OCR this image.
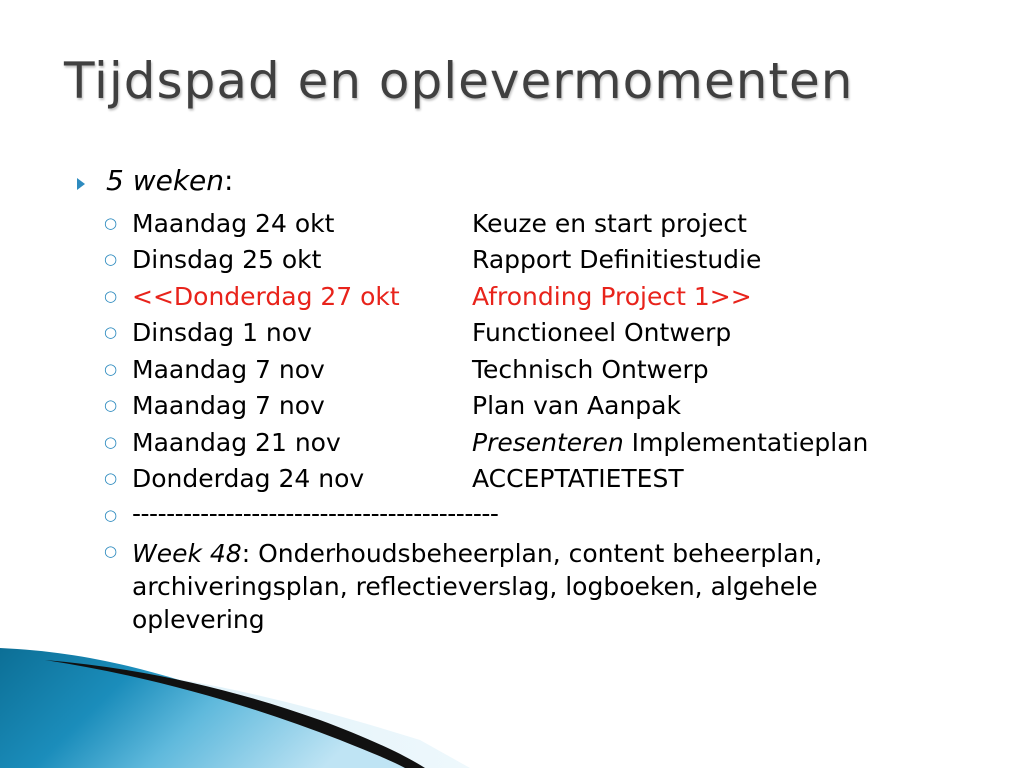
Tijdspad en oplevermomenten
5 weken:
○ Maandag 24 okt	Keuze en start project
○ Dinsdag 25 okt	Rapport Definitiestudie
○ <<Donderdag 27 okt	Afronding Project 1>>
○ Dinsdag 1 nov	Functioneel Ontwerp
○ Maandag 7 nov	Technisch Ontwerp
○ Maandag 7 nov	Plan van Aanpak
○ Maandag 21 nov	Presenteren Implementatieplan
○ Donderdag 24 nov	ACCEPTATIETEST
○ -------------------------------------------
○ Week 48: Onderhoudsbeheerplan, content beheerplan, archiveringsplan, reflectieverslag, logboeken, algehele oplevering
